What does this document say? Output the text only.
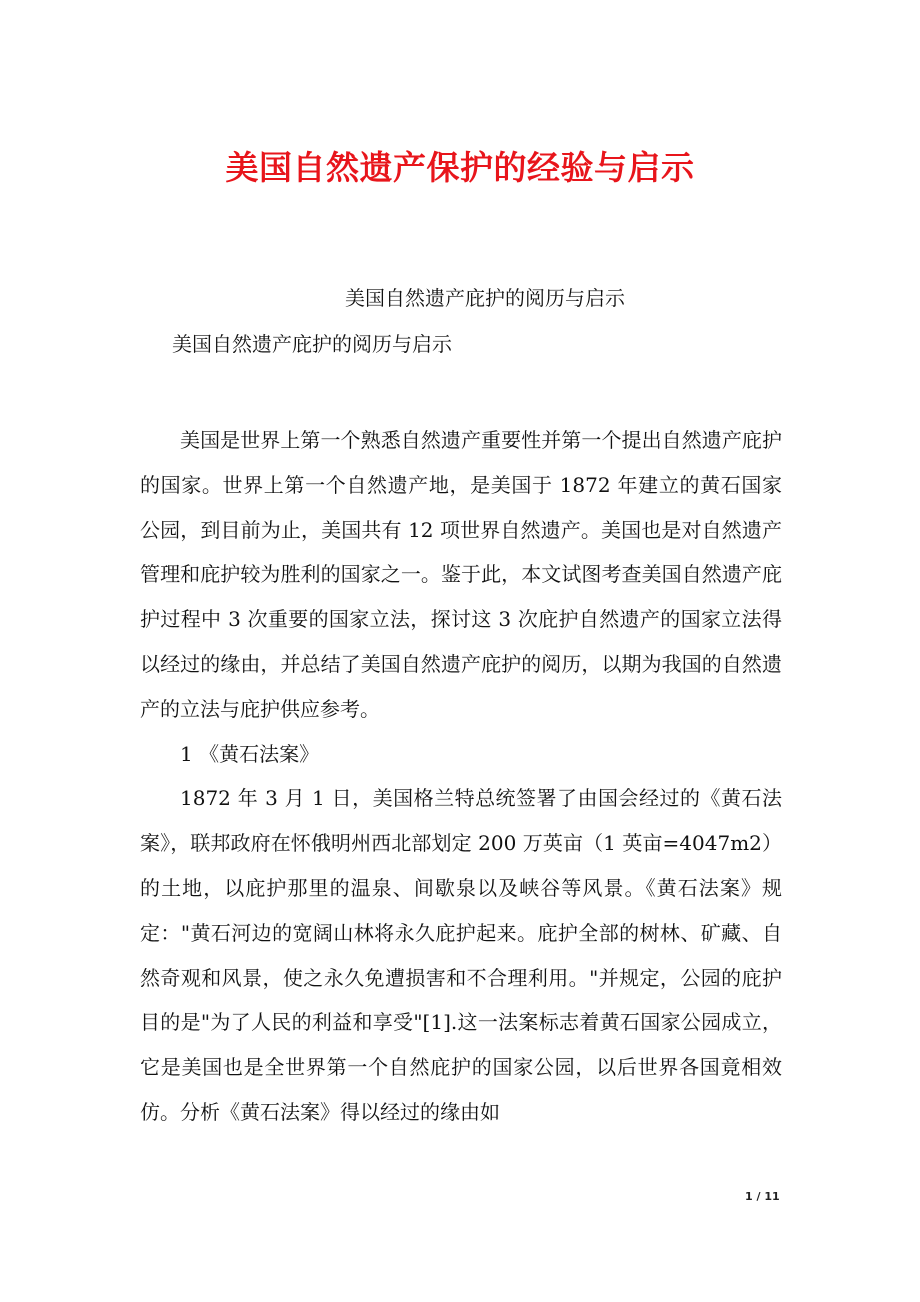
美国自然遗产保护的经验与启示
美国自然遗产庇护的阅历与启示
美国自然遗产庇护的阅历与启示

美国是世界上第一个熟悉自然遗产重要性并第一个提出自然遗产庇护的国家。世界上第一个自然遗产地，是美国于 1872 年建立的黄石国家公园，到目前为止，美国共有 12 项世界自然遗产。美国也是对自然遗产管理和庇护较为胜利的国家之一。鉴于此，本文试图考查美国自然遗产庇护过程中 3 次重要的国家立法，探讨这 3 次庇护自然遗产的国家立法得以经过的缘由，并总结了美国自然遗产庇护的阅历，以期为我国的自然遗产的立法与庇护供应参考。

1 《黄石法案》

1872 年 3 月 1 日，美国格兰特总统签署了由国会经过的《黄石法案》，联邦政府在怀俄明州西北部划定 200 万英亩（1 英亩=4047m2）的土地，以庇护那里的温泉、间歇泉以及峡谷等风景。《黄石法案》规定："黄石河边的宽阔山林将永久庇护起来。庇护全部的树林、矿藏、自然奇观和风景，使之永久免遭损害和不合理利用。"并规定，公园的庇护目的是"为了人民的利益和享受"[1].这一法案标志着黄石国家公园成立，它是美国也是全世界第一个自然庇护的国家公园，以后世界各国竟相效仿。分析《黄石法案》得以经过的缘由如

1 / 11
